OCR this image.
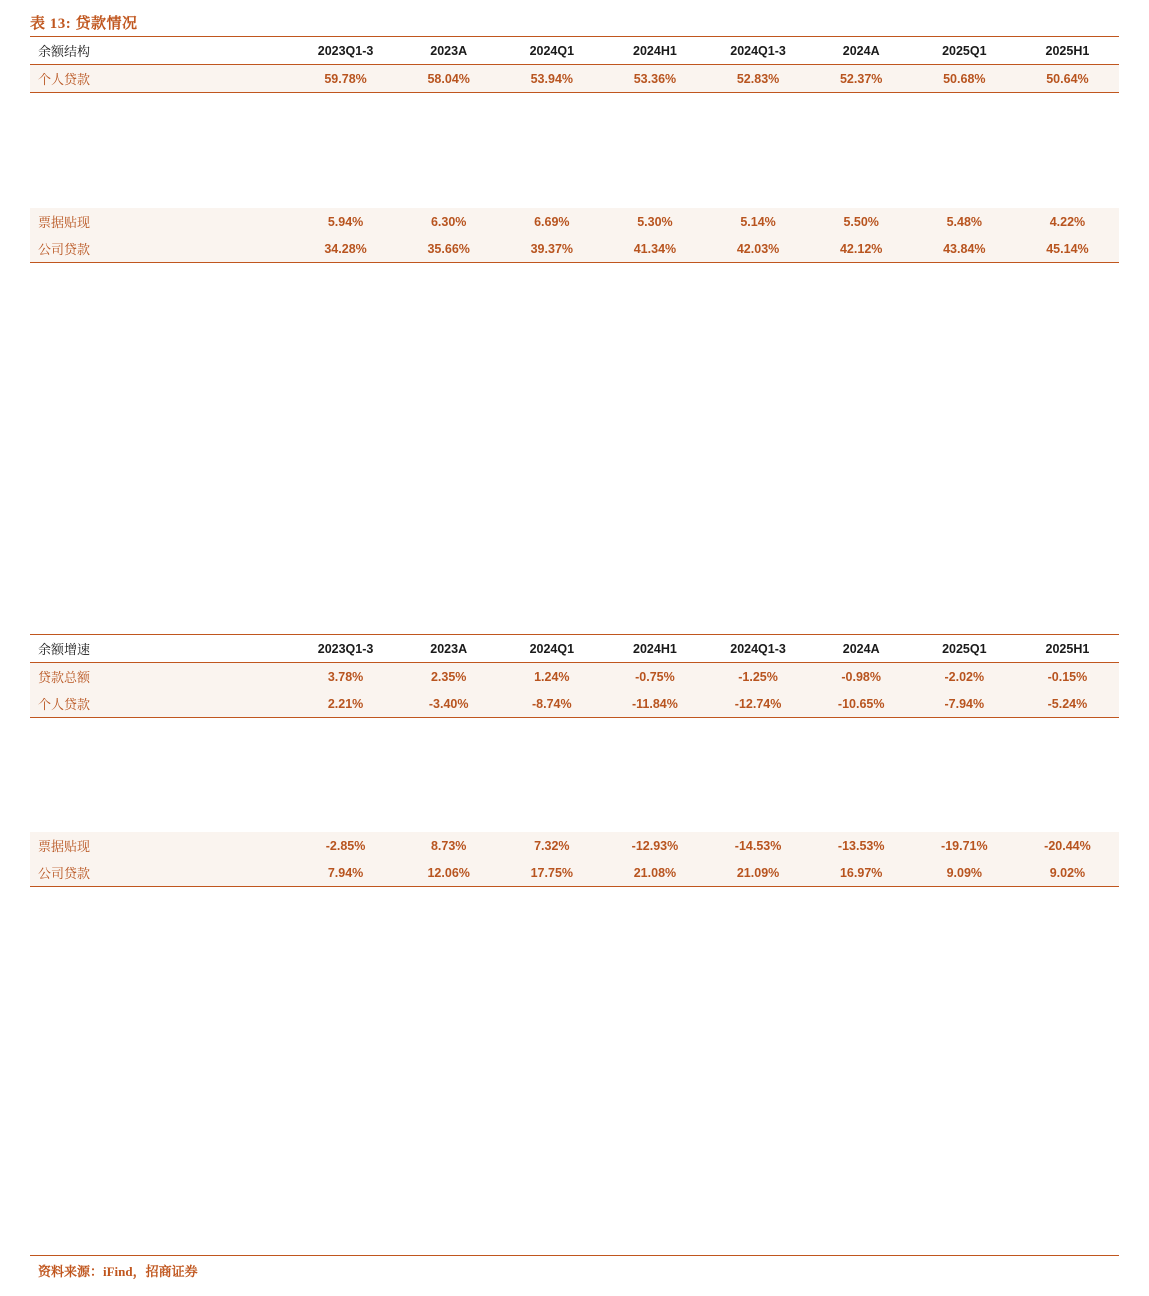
表 13: 贷款情况
余额结构	2023Q1-3	2023A	2024Q1	2024H1	2024Q1-3	2024A	2025Q1	2025H1
个人贷款	59.78%	58.04%	53.94%	53.36%	52.83%	52.37%	50.68%	50.64%
票据贴现	5.94%	6.30%	6.69%	5.30%	5.14%	5.50%	5.48%	4.22%
公司贷款	34.28%	35.66%	39.37%	41.34%	42.03%	42.12%	43.84%	45.14%
余额增速	2023Q1-3	2023A	2024Q1	2024H1	2024Q1-3	2024A	2025Q1	2025H1
贷款总额	3.78%	2.35%	1.24%	-0.75%	-1.25%	-0.98%	-2.02%	-0.15%
个人贷款	2.21%	-3.40%	-8.74%	-11.84%	-12.74%	-10.65%	-7.94%	-5.24%
票据贴现	-2.85%	8.73%	7.32%	-12.93%	-14.53%	-13.53%	-19.71%	-20.44%
公司贷款	7.94%	12.06%	17.75%	21.08%	21.09%	16.97%	9.09%	9.02%
资料来源：iFind，招商证券
